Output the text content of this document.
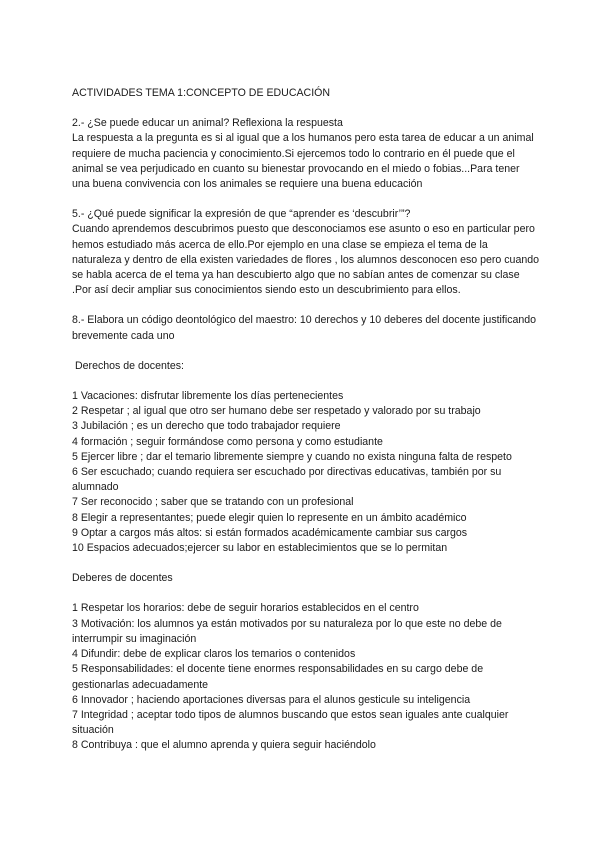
ACTIVIDADES TEMA 1:CONCEPTO DE EDUCACIÓN

2.- ¿Se puede educar un animal? Reflexiona la respuesta

La respuesta a la pregunta es si al igual que a los humanos pero esta tarea de educar a un animal requiere de mucha paciencia y conocimiento.Si ejercemos todo lo contrario en él puede que el animal se vea perjudicado en cuanto su bienestar provocando en el miedo o fobias...Para tener una buena convivencia con los animales se requiere una buena educación

5.- ¿Qué puede significar la expresión de que “aprender es ‘descubrir’”?

Cuando aprendemos descubrimos puesto que desconociamos ese asunto o eso en particular pero hemos estudiado más acerca de ello.Por ejemplo en una clase se empieza el tema de la naturaleza y dentro de ella existen variedades de flores , los alumnos desconocen eso pero cuando se habla acerca de el tema ya han descubierto algo que no sabían antes de comenzar su clase .Por así decir ampliar sus conocimientos siendo esto un descubrimiento para ellos.

8.- Elabora un código deontológico del maestro: 10 derechos y 10 deberes del docente justificando brevemente cada uno

Derechos de docentes:

1 Vacaciones: disfrutar libremente los días pertenecientes

2 Respetar ; al igual que otro ser humano debe ser respetado y valorado por su trabajo

3 Jubilación ; es un derecho que todo trabajador requiere

4 formación ; seguir formándose como persona y como estudiante

5 Ejercer libre ; dar el temario libremente siempre y cuando no exista ninguna falta de respeto

6 Ser escuchado; cuando requiera ser escuchado por directivas educativas, también por su alumnado

7 Ser reconocido ; saber que se tratando con un profesional

8 Elegir a representantes; puede elegir quien lo represente en un ámbito académico

9 Optar a cargos más altos: si están formados académicamente cambiar sus cargos

10 Espacios adecuados;ejercer su labor en establecimientos que se lo permitan

Deberes de docentes

1 Respetar los horarios: debe de seguir horarios establecidos en el centro

3 Motivación: los alumnos ya están motivados por su naturaleza por lo que este no debe de interrumpir su imaginación

4 Difundir: debe de explicar claros los temarios o contenidos

5 Responsabilidades: el docente tiene enormes responsabilidades en su cargo debe de gestionarlas adecuadamente

6 Innovador ; haciendo aportaciones diversas para el alunos gesticule su inteligencia

7 Integridad ; aceptar todo tipos de alumnos buscando que estos sean iguales ante cualquier situación

8 Contribuya : que el alumno aprenda y quiera seguir haciéndolo
